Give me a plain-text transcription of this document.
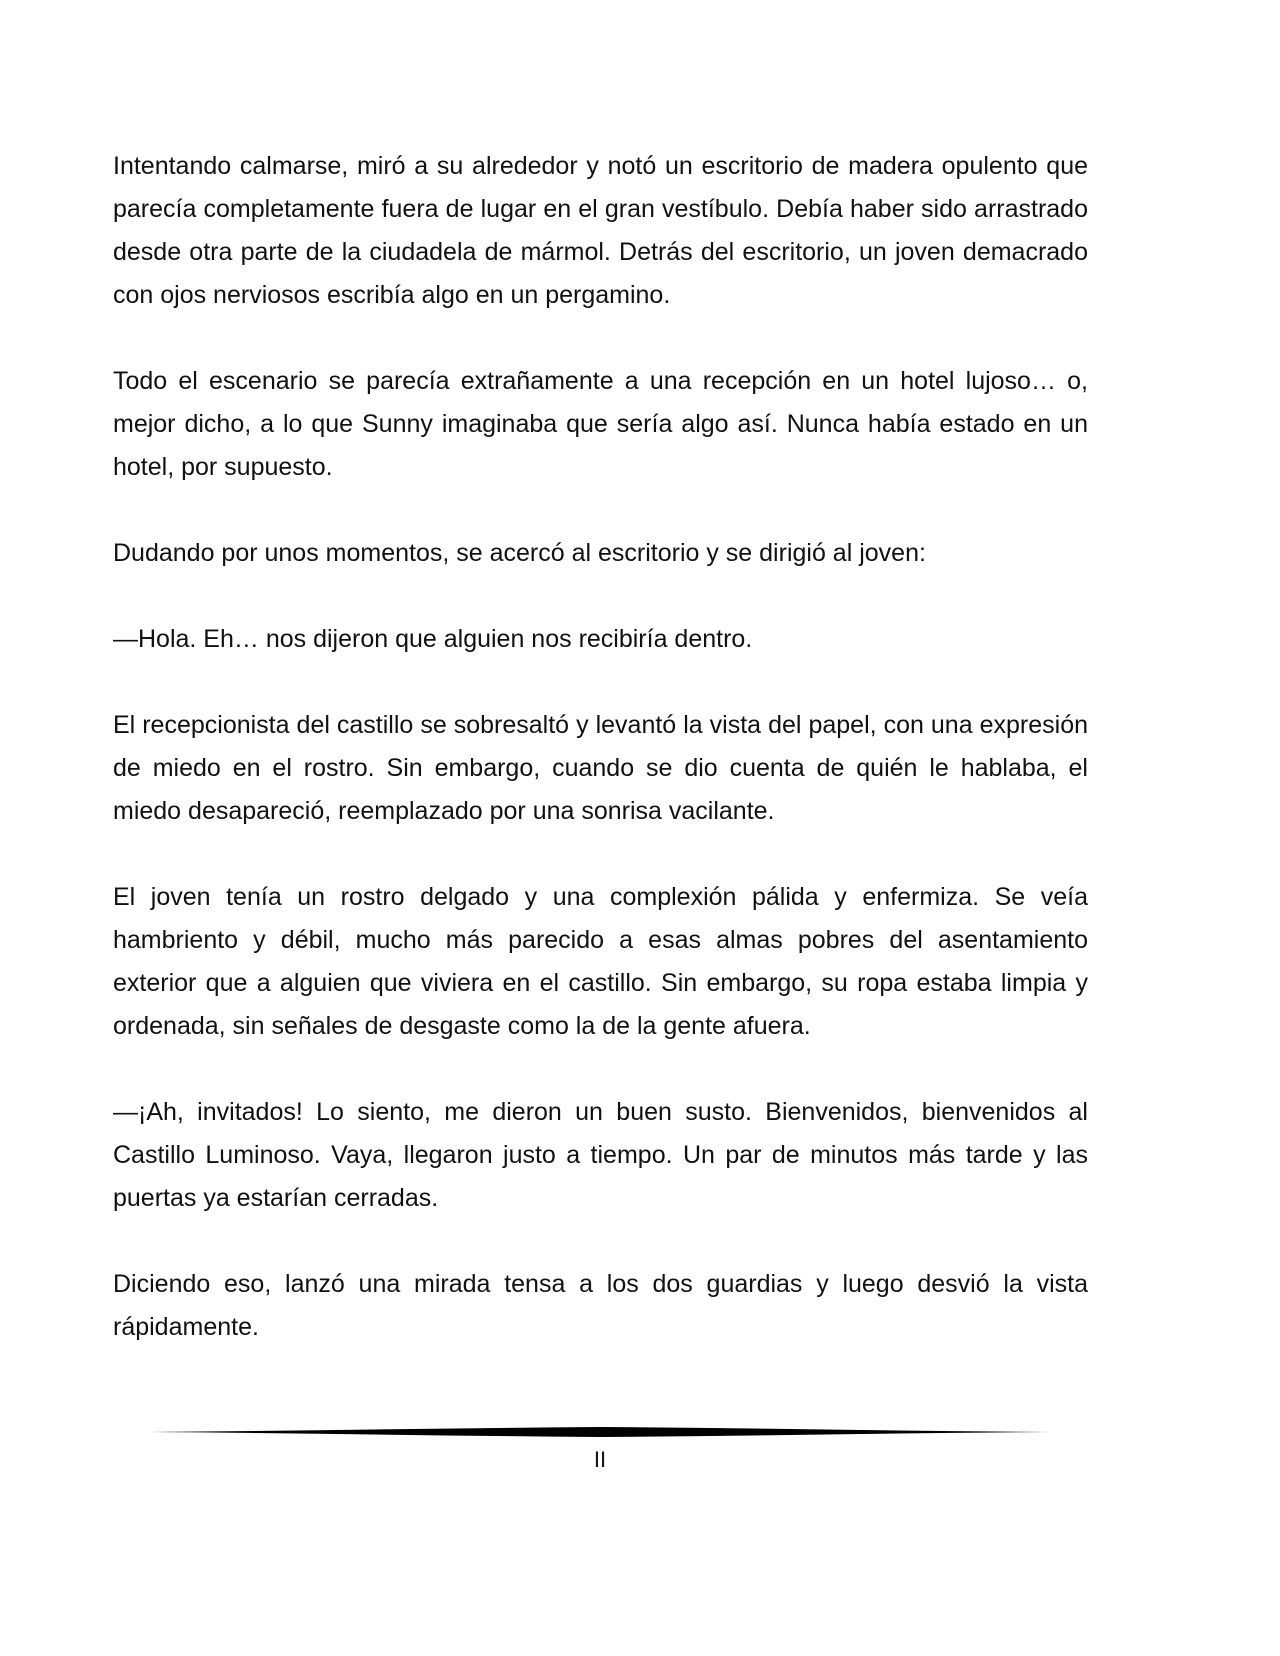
Intentando calmarse, miró a su alrededor y notó un escritorio de madera opulento que parecía completamente fuera de lugar en el gran vestíbulo. Debía haber sido arrastrado desde otra parte de la ciudadela de mármol. Detrás del escritorio, un joven demacrado con ojos nerviosos escribía algo en un pergamino.

Todo el escenario se parecía extrañamente a una recepción en un hotel lujoso… o, mejor dicho, a lo que Sunny imaginaba que sería algo así. Nunca había estado en un hotel, por supuesto.

Dudando por unos momentos, se acercó al escritorio y se dirigió al joven:

—Hola. Eh… nos dijeron que alguien nos recibiría dentro.

El recepcionista del castillo se sobresaltó y levantó la vista del papel, con una expresión de miedo en el rostro. Sin embargo, cuando se dio cuenta de quién le hablaba, el miedo desapareció, reemplazado por una sonrisa vacilante.

El joven tenía un rostro delgado y una complexión pálida y enfermiza. Se veía hambriento y débil, mucho más parecido a esas almas pobres del asentamiento exterior que a alguien que viviera en el castillo. Sin embargo, su ropa estaba limpia y ordenada, sin señales de desgaste como la de la gente afuera.

—¡Ah, invitados! Lo siento, me dieron un buen susto. Bienvenidos, bienvenidos al Castillo Luminoso. Vaya, llegaron justo a tiempo. Un par de minutos más tarde y las puertas ya estarían cerradas.

Diciendo eso, lanzó una mirada tensa a los dos guardias y luego desvió la vista rápidamente.

II
